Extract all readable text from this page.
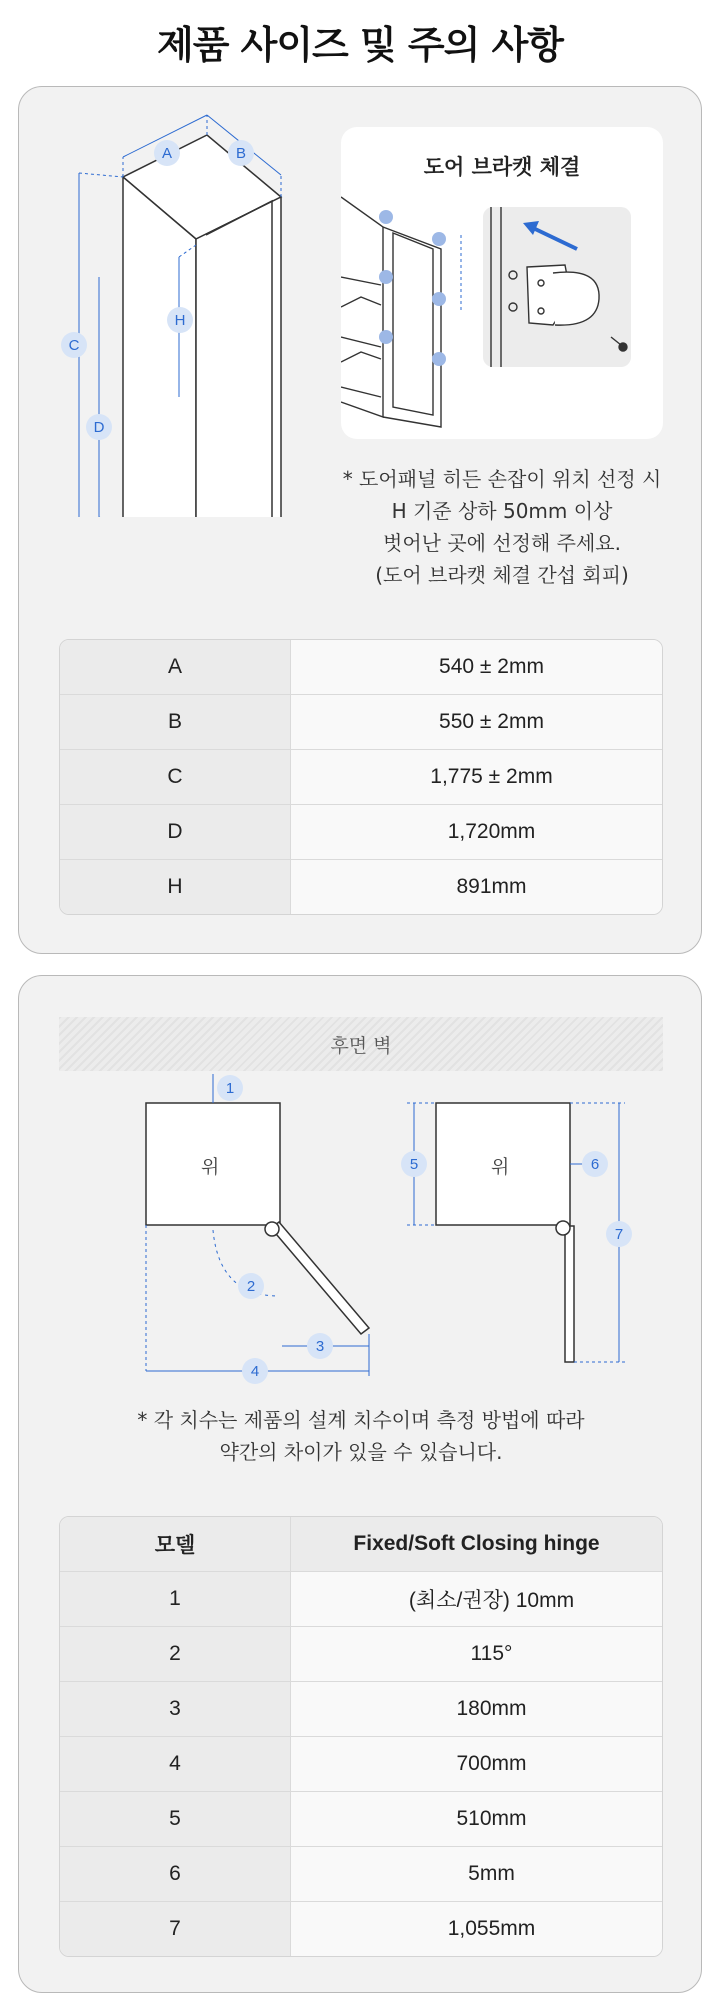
제품 사이즈 및 주의 사항
A	B
C
D
H
도어 브라캣 체결
* 도어패널 히든 손잡이 위치 선정 시
H 기준 상하 50mm 이상
벗어난 곳에 선정해 주세요.
(도어 브라캣 체결 간섭 회피)
A	540 ± 2mm
B	550 ± 2mm
C	1,775 ± 2mm
D	1,720mm
H	891mm
후면 벽
위	위
1
2
3
4
5	6
7
* 각 치수는 제품의 설계 치수이며 측정 방법에 따라
약간의 차이가 있을 수 있습니다.
모델	Fixed/Soft Closing hinge
1	(최소/권장) 10mm
2	115°
3	180mm
4	700mm
5	510mm
6	5mm
7	1,055mm
